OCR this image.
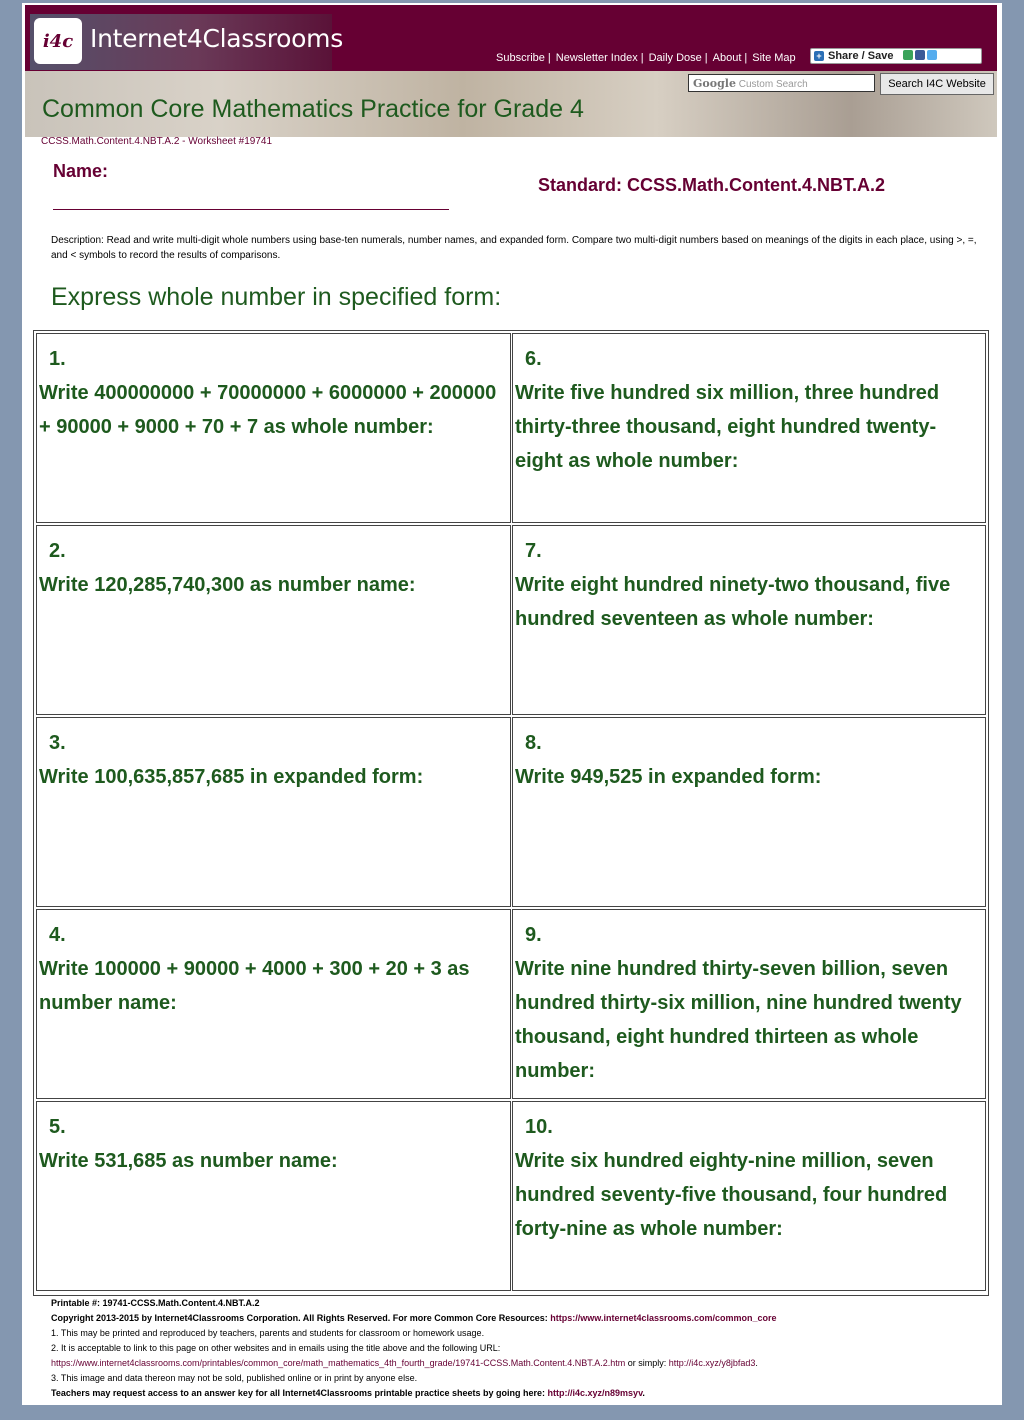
i4c Internet4Classrooms
Subscribe | Newsletter Index | Daily Dose | About | Site Map	+ Share / Save
Google Custom Search	Search I4C Website
Common Core Mathematics Practice for Grade 4
CCSS.Math.Content.4.NBT.A.2 - Worksheet #19741
Name:
Standard: CCSS.Math.Content.4.NBT.A.2
Description: Read and write multi-digit whole numbers using base-ten numerals, number names, and expanded form. Compare two multi-digit numbers based on meanings of the digits in each place, using >, =, and < symbols to record the results of comparisons.
Express whole number in specified form:
1.
Write 400000000 + 70000000 + 6000000 + 200000 + 90000 + 9000 + 70 + 7 as whole number:
2.
Write 120,285,740,300 as number name:
3.
Write 100,635,857,685 in expanded form:
4.
Write 100000 + 90000 + 4000 + 300 + 20 + 3 as number name:
5.
Write 531,685 as number name:
6.
Write five hundred six million, three hundred thirty-three thousand, eight hundred twenty-eight as whole number:
7.
Write eight hundred ninety-two thousand, five hundred seventeen as whole number:
8.
Write 949,525 in expanded form:
9.
Write nine hundred thirty-seven billion, seven hundred thirty-six million, nine hundred twenty thousand, eight hundred thirteen as whole number:
10.
Write six hundred eighty-nine million, seven hundred seventy-five thousand, four hundred forty-nine as whole number:
Printable #: 19741-CCSS.Math.Content.4.NBT.A.2
Copyright 2013-2015 by Internet4Classrooms Corporation. All Rights Reserved. For more Common Core Resources: https://www.internet4classrooms.com/common_core
1. This may be printed and reproduced by teachers, parents and students for classroom or homework usage.
2. It is acceptable to link to this page on other websites and in emails using the title above and the following URL:
https://www.internet4classrooms.com/printables/common_core/math_mathematics_4th_fourth_grade/19741-CCSS.Math.Content.4.NBT.A.2.htm or simply: http://i4c.xyz/y8jbfad3.
3. This image and data thereon may not be sold, published online or in print by anyone else.
Teachers may request access to an answer key for all Internet4Classrooms printable practice sheets by going here: http://i4c.xyz/n89msyv.
